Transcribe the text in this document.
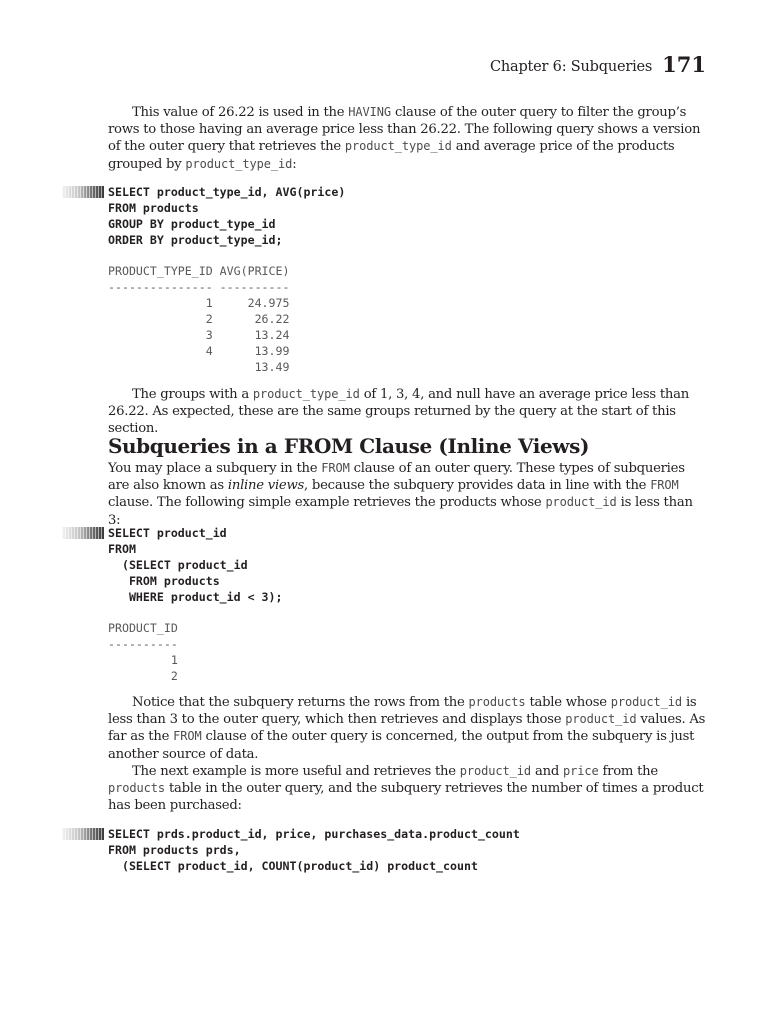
Chapter 6: Subqueries 171

This value of 26.22 is used in the HAVING clause of the outer query to filter the group’s rows to those having an average price less than 26.22. The following query shows a version of the outer query that retrieves the product_type_id and average price of the products grouped by product_type_id:

SELECT product_type_id, AVG(price)
FROM products
GROUP BY product_type_id
ORDER BY product_type_id;
PRODUCT_TYPE_ID AVG(PRICE)
--------------- ----------
1     24.975
2      26.22
3      13.24
4      13.99
13.49

The groups with a product_type_id of 1, 3, 4, and null have an average price less than 26.22. As expected, these are the same groups returned by the query at the start of this section.

Subqueries in a FROM Clause (Inline Views)

You may place a subquery in the FROM clause of an outer query. These types of subqueries are also known as inline views, because the subquery provides data in line with the FROM clause. The following simple example retrieves the products whose product_id is less than 3:

SELECT product_id
FROM
(SELECT product_id
FROM products
WHERE product_id < 3);
PRODUCT_ID
----------
1
2

Notice that the subquery returns the rows from the products table whose product_id is less than 3 to the outer query, which then retrieves and displays those product_id values. As far as the FROM clause of the outer query is concerned, the output from the subquery is just another source of data.

The next example is more useful and retrieves the product_id and price from the products table in the outer query, and the subquery retrieves the number of times a product has been purchased:

SELECT prds.product_id, price, purchases_data.product_count
FROM products prds,
(SELECT product_id, COUNT(product_id) product_count
